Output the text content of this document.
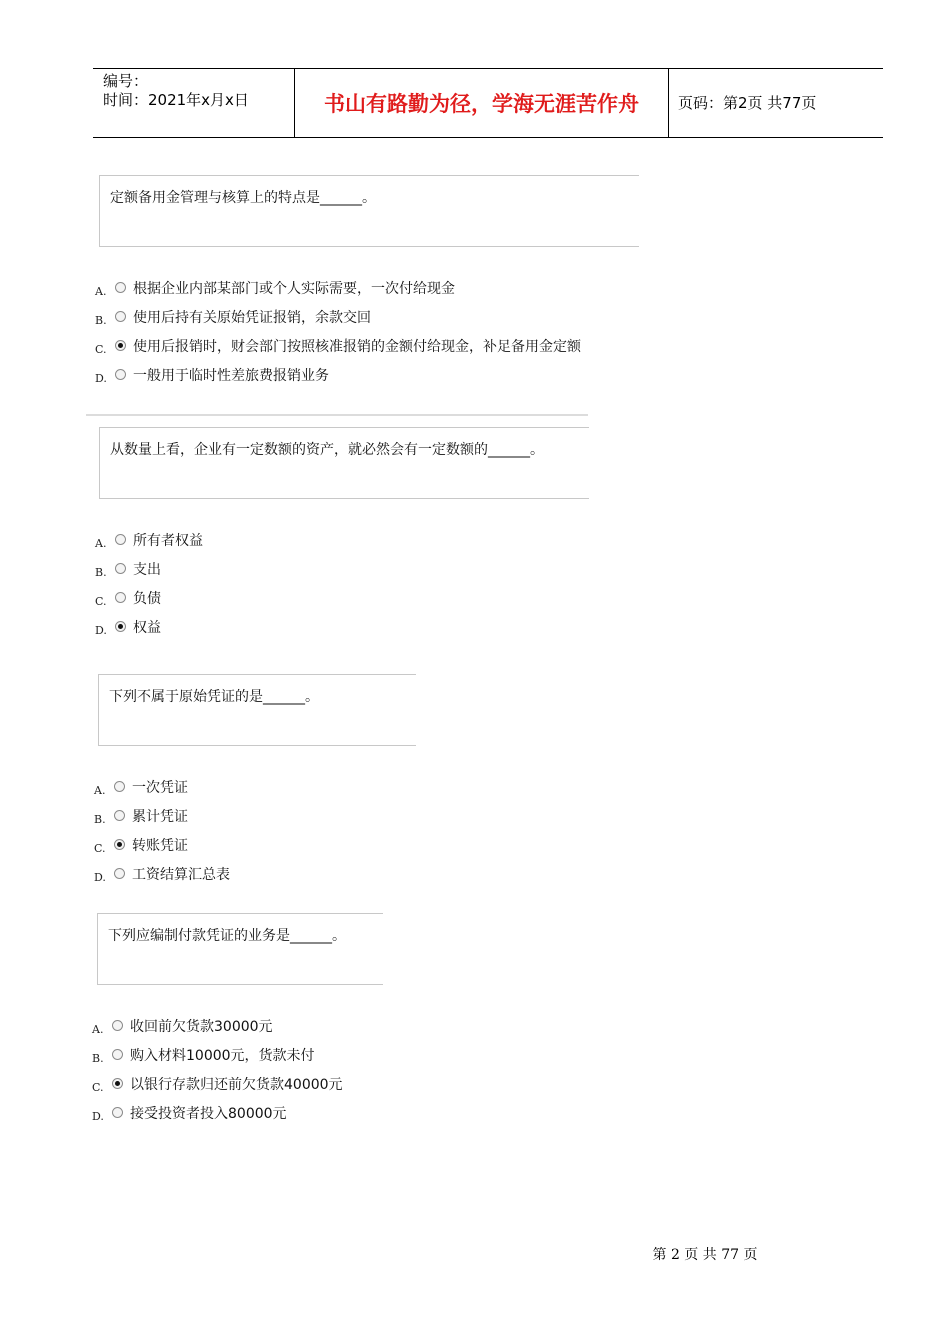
编号：
时间：2021年x月x日	书山有路勤为径，学海无涯苦作舟	页码：第2页 共77页
定额备用金管理与核算上的特点是______。
A. 根据企业内部某部门或个人实际需要，一次付给现金
B. 使用后持有关原始凭证报销，余款交回
C. 使用后报销时，财会部门按照核准报销的金额付给现金，补足备用金定额
D. 一般用于临时性差旅费报销业务
从数量上看，企业有一定数额的资产，就必然会有一定数额的______。
A. 所有者权益
B. 支出
C. 负债
D. 权益
下列不属于原始凭证的是______。
A. 一次凭证
B. 累计凭证
C. 转账凭证
D. 工资结算汇总表
下列应编制付款凭证的业务是______。
A. 收回前欠货款30000元
B. 购入材料10000元，货款未付
C. 以银行存款归还前欠货款40000元
D. 接受投资者投入80000元
第 2 页 共 77 页
